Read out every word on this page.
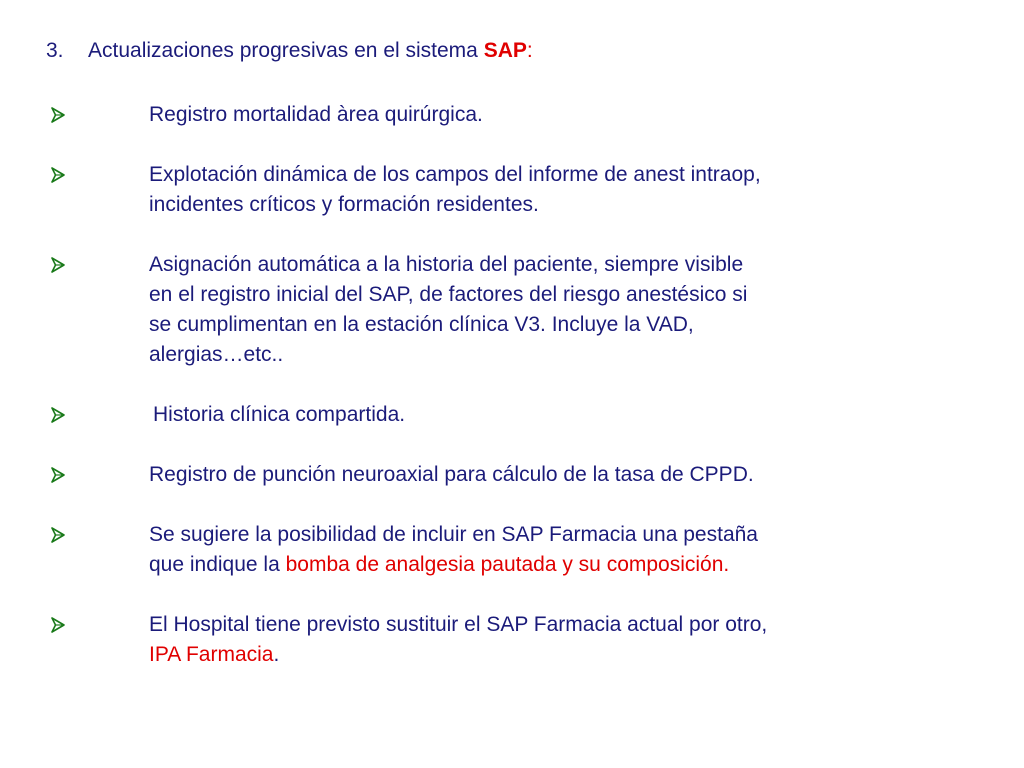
3. Actualizaciones progresivas en el sistema SAP:
Registro mortalidad àrea quirúrgica.
Explotación dinámica de los campos del informe de anest intraop,
incidentes críticos y formación residentes.
Asignación automática a la historia del paciente, siempre visible
en el registro inicial del SAP, de factores del riesgo anestésico si
se cumplimentan en la estación clínica V3. Incluye la VAD,
alergias…etc..
Historia clínica compartida.
Registro de punción neuroaxial para cálculo de la tasa de CPPD.
Se sugiere la posibilidad de incluir en SAP Farmacia una pestaña
que indique la bomba de analgesia pautada y su composición.
El Hospital tiene previsto sustituir el SAP Farmacia actual por otro,
IPA Farmacia.
